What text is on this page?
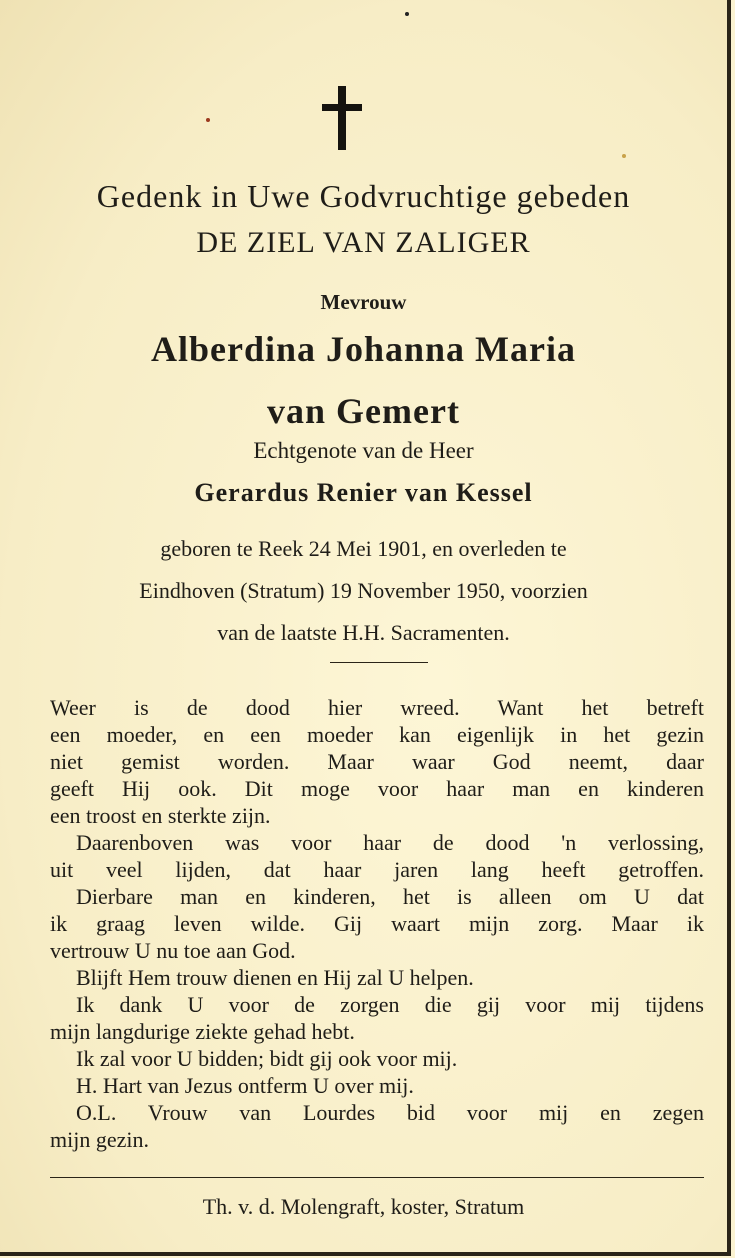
Gedenk in Uwe Godvruchtige gebeden
DE ZIEL VAN ZALIGER
Mevrouw
Alberdina Johanna Maria
van Gemert
Echtgenote van de Heer
Gerardus Renier van Kessel
geboren te Reek 24 Mei 1901, en overleden te
Eindhoven (Stratum) 19 November 1950, voorzien
van de laatste H.H. Sacramenten.

Weer is de dood hier wreed. Want het betreft

een moeder, en een moeder kan eigenlijk in het gezin

niet gemist worden. Maar waar God neemt, daar

geeft Hij ook. Dit moge voor haar man en kinderen

een troost en sterkte zijn.

Daarenboven was voor haar de dood 'n verlossing,

uit veel lijden, dat haar jaren lang heeft getroffen.

Dierbare man en kinderen, het is alleen om U dat

ik graag leven wilde. Gij waart mijn zorg. Maar ik

vertrouw U nu toe aan God.

Blijft Hem trouw dienen en Hij zal U helpen.

Ik dank U voor de zorgen die gij voor mij tijdens

mijn langdurige ziekte gehad hebt.

Ik zal voor U bidden; bidt gij ook voor mij.

H. Hart van Jezus ontferm U over mij.

O.L. Vrouw van Lourdes bid voor mij en zegen

mijn gezin.

Th. v. d. Molengraft, koster, Stratum
